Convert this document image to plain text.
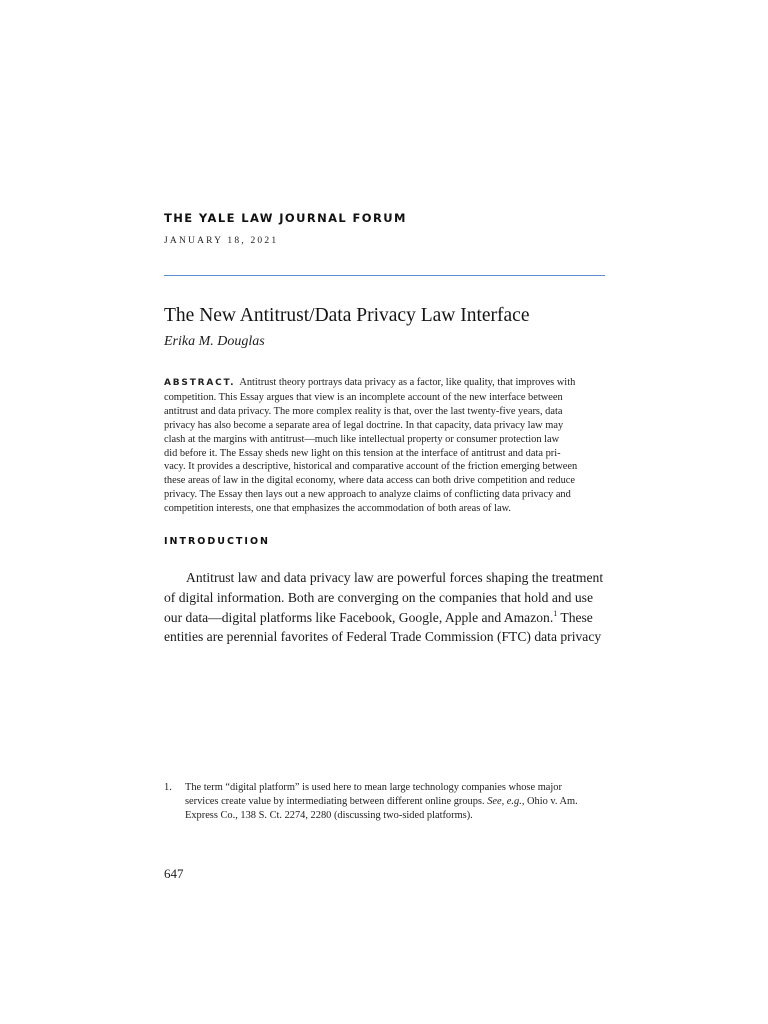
THE YALE LAW JOURNAL FORUM
JANUARY 18, 2021
The New Antitrust/Data Privacy Law Interface
Erika M. Douglas
ABSTRACT. Antitrust theory portrays data privacy as a factor, like quality, that improves with
competition. This Essay argues that view is an incomplete account of the new interface between
antitrust and data privacy. The more complex reality is that, over the last twenty-five years, data
privacy has also become a separate area of legal doctrine. In that capacity, data privacy law may
clash at the margins with antitrust—much like intellectual property or consumer protection law
did before it. The Essay sheds new light on this tension at the interface of antitrust and data pri-
vacy. It provides a descriptive, historical and comparative account of the friction emerging between
these areas of law in the digital economy, where data access can both drive competition and reduce
privacy. The Essay then lays out a new approach to analyze claims of conflicting data privacy and
competition interests, one that emphasizes the accommodation of both areas of law.
INTRODUCTION
Antitrust law and data privacy law are powerful forces shaping the treatment
of digital information. Both are converging on the companies that hold and use
our data—digital platforms like Facebook, Google, Apple and Amazon.$^1$ These
entities are perennial favorites of Federal Trade Commission (FTC) data privacy
1. The term “digital platform” is used here to mean large technology companies whose major
services create value by intermediating between different online groups. See, e.g., Ohio v. Am.
Express Co., 138 S. Ct. 2274, 2280 (discussing two-sided platforms).
647
